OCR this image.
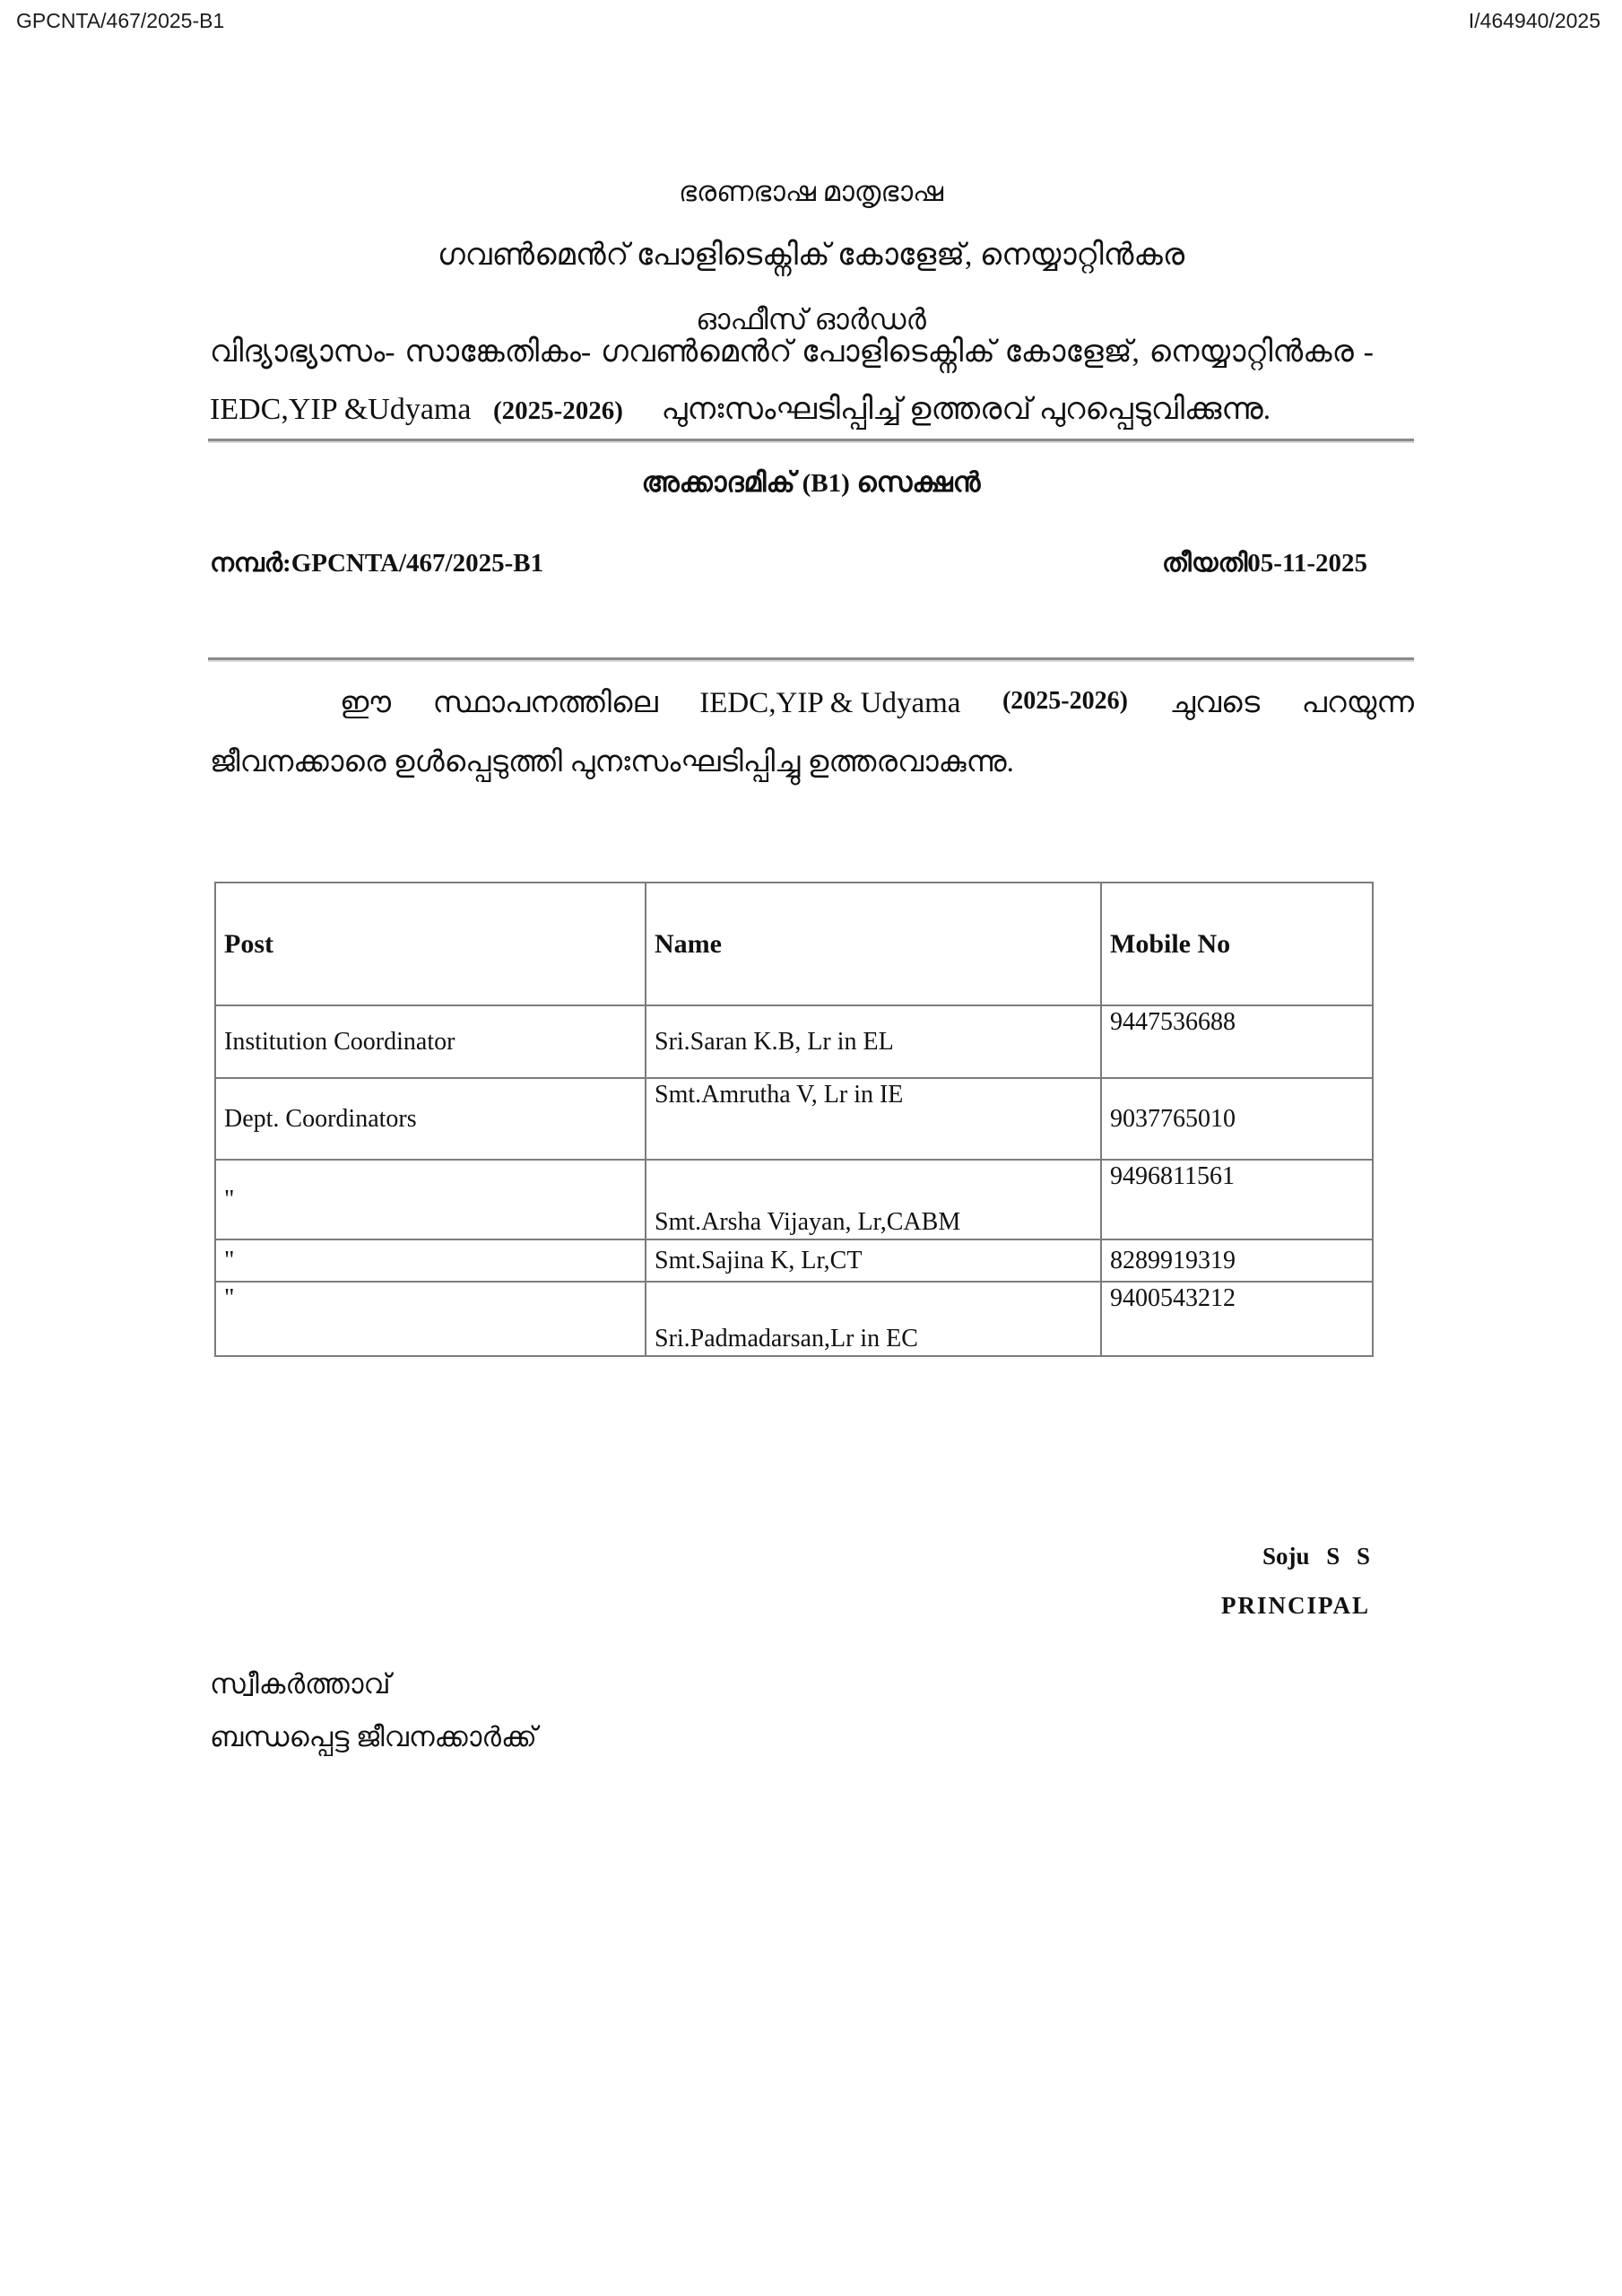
GPCNTA/467/2025-B1	I/464940/2025
ഭരണഭാഷ മാതൃഭാഷ
ഗവൺമെൻറ് പോളിടെക്നിക് കോളേജ്, നെയ്യാറ്റിൻകര
ഓഫീസ് ഓർഡർ
വിദ്യാഭ്യാസം- സാങ്കേതികം- ഗവൺമെൻറ് പോളിടെക്നിക് കോളേജ്, നെയ്യാറ്റിൻകര -
IEDC,YIP &Udyama (2025-2026) പുനഃസംഘടിപ്പിച്ച് ഉത്തരവ് പുറപ്പെടുവിക്കുന്നു.
അക്കാദമിക് (B1) സെക്ഷൻ
നമ്പർ:GPCNTA/467/2025-B1	തീയതി05-11-2025
ഈ സ്ഥാപനത്തിലെ IEDC,YIP & Udyama (2025-2026) ചുവടെ പറയുന്ന
ജീവനക്കാരെ ഉൾപ്പെടുത്തി പുനഃസംഘടിപ്പിച്ചു ഉത്തരവാകുന്നു.
Post	Name	Mobile No
Institution Coordinator	Sri.Saran K.B, Lr in EL	9447536688
Dept. Coordinators	Smt.Amrutha V, Lr in IE	9037765010
"	Smt.Arsha Vijayan, Lr,CABM	9496811561
"	Smt.Sajina K, Lr,CT	8289919319
"	Sri.Padmadarsan,Lr in EC	9400543212
Soju S S
PRINCIPAL
സ്വീകർത്താവ്
ബന്ധപ്പെട്ട ജീവനക്കാർക്ക്
